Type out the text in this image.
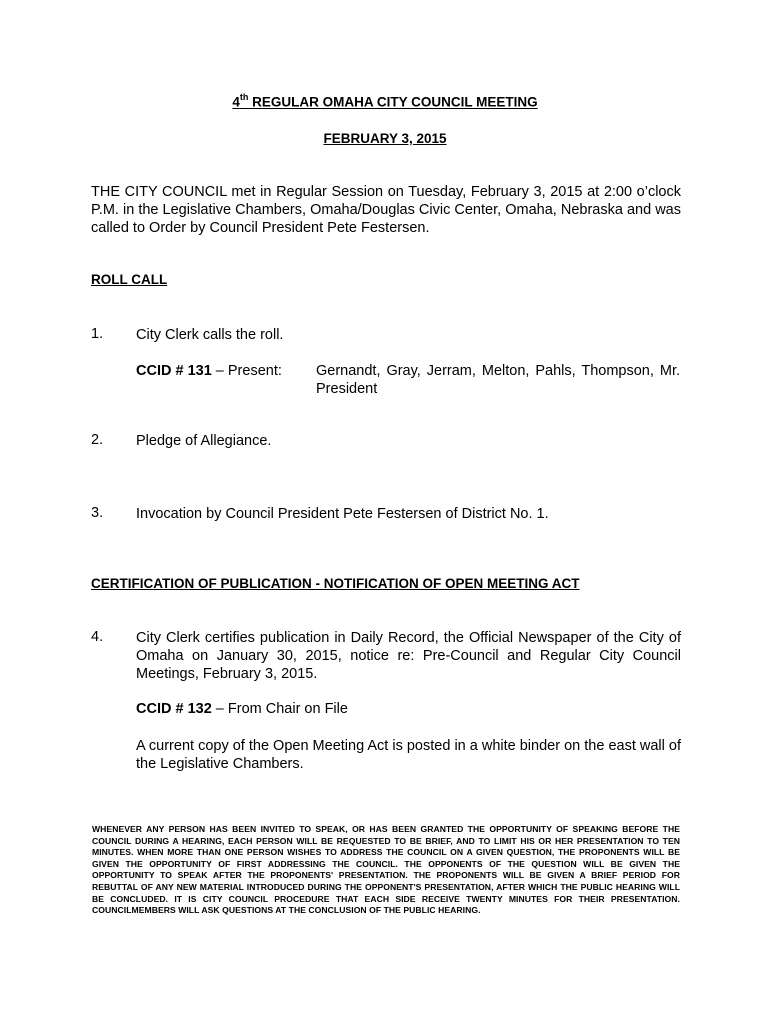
4th REGULAR OMAHA CITY COUNCIL MEETING
FEBRUARY 3, 2015
THE CITY COUNCIL met in Regular Session on Tuesday, February 3, 2015 at 2:00 o’clock P.M. in the Legislative Chambers, Omaha/Douglas Civic Center, Omaha, Nebraska and was called to Order by Council President Pete Festersen.
ROLL CALL
1. City Clerk calls the roll.
CCID # 131 – Present: Gernandt, Gray, Jerram, Melton, Pahls, Thompson, Mr. President
2. Pledge of Allegiance.
3. Invocation by Council President Pete Festersen of District No. 1.
CERTIFICATION OF PUBLICATION - NOTIFICATION OF OPEN MEETING ACT
4. City Clerk certifies publication in Daily Record, the Official Newspaper of the City of Omaha on January 30, 2015, notice re: Pre-Council and Regular City Council Meetings, February 3, 2015.
CCID # 132 – From Chair on File
A current copy of the Open Meeting Act is posted in a white binder on the east wall of the Legislative Chambers.
WHENEVER ANY PERSON HAS BEEN INVITED TO SPEAK, OR HAS BEEN GRANTED THE OPPORTUNITY OF SPEAKING BEFORE THE COUNCIL DURING A HEARING, EACH PERSON WILL BE REQUESTED TO BE BRIEF, AND TO LIMIT HIS OR HER PRESENTATION TO TEN MINUTES. WHEN MORE THAN ONE PERSON WISHES TO ADDRESS THE COUNCIL ON A GIVEN QUESTION, THE PROPONENTS WILL BE GIVEN THE OPPORTUNITY OF FIRST ADDRESSING THE COUNCIL. THE OPPONENTS OF THE QUESTION WILL BE GIVEN THE OPPORTUNITY TO SPEAK AFTER THE PROPONENTS' PRESENTATION. THE PROPONENTS WILL BE GIVEN A BRIEF PERIOD FOR REBUTTAL OF ANY NEW MATERIAL INTRODUCED DURING THE OPPONENT'S PRESENTATION, AFTER WHICH THE PUBLIC HEARING WILL BE CONCLUDED. IT IS CITY COUNCIL PROCEDURE THAT EACH SIDE RECEIVE TWENTY MINUTES FOR THEIR PRESENTATION. COUNCILMEMBERS WILL ASK QUESTIONS AT THE CONCLUSION OF THE PUBLIC HEARING.
